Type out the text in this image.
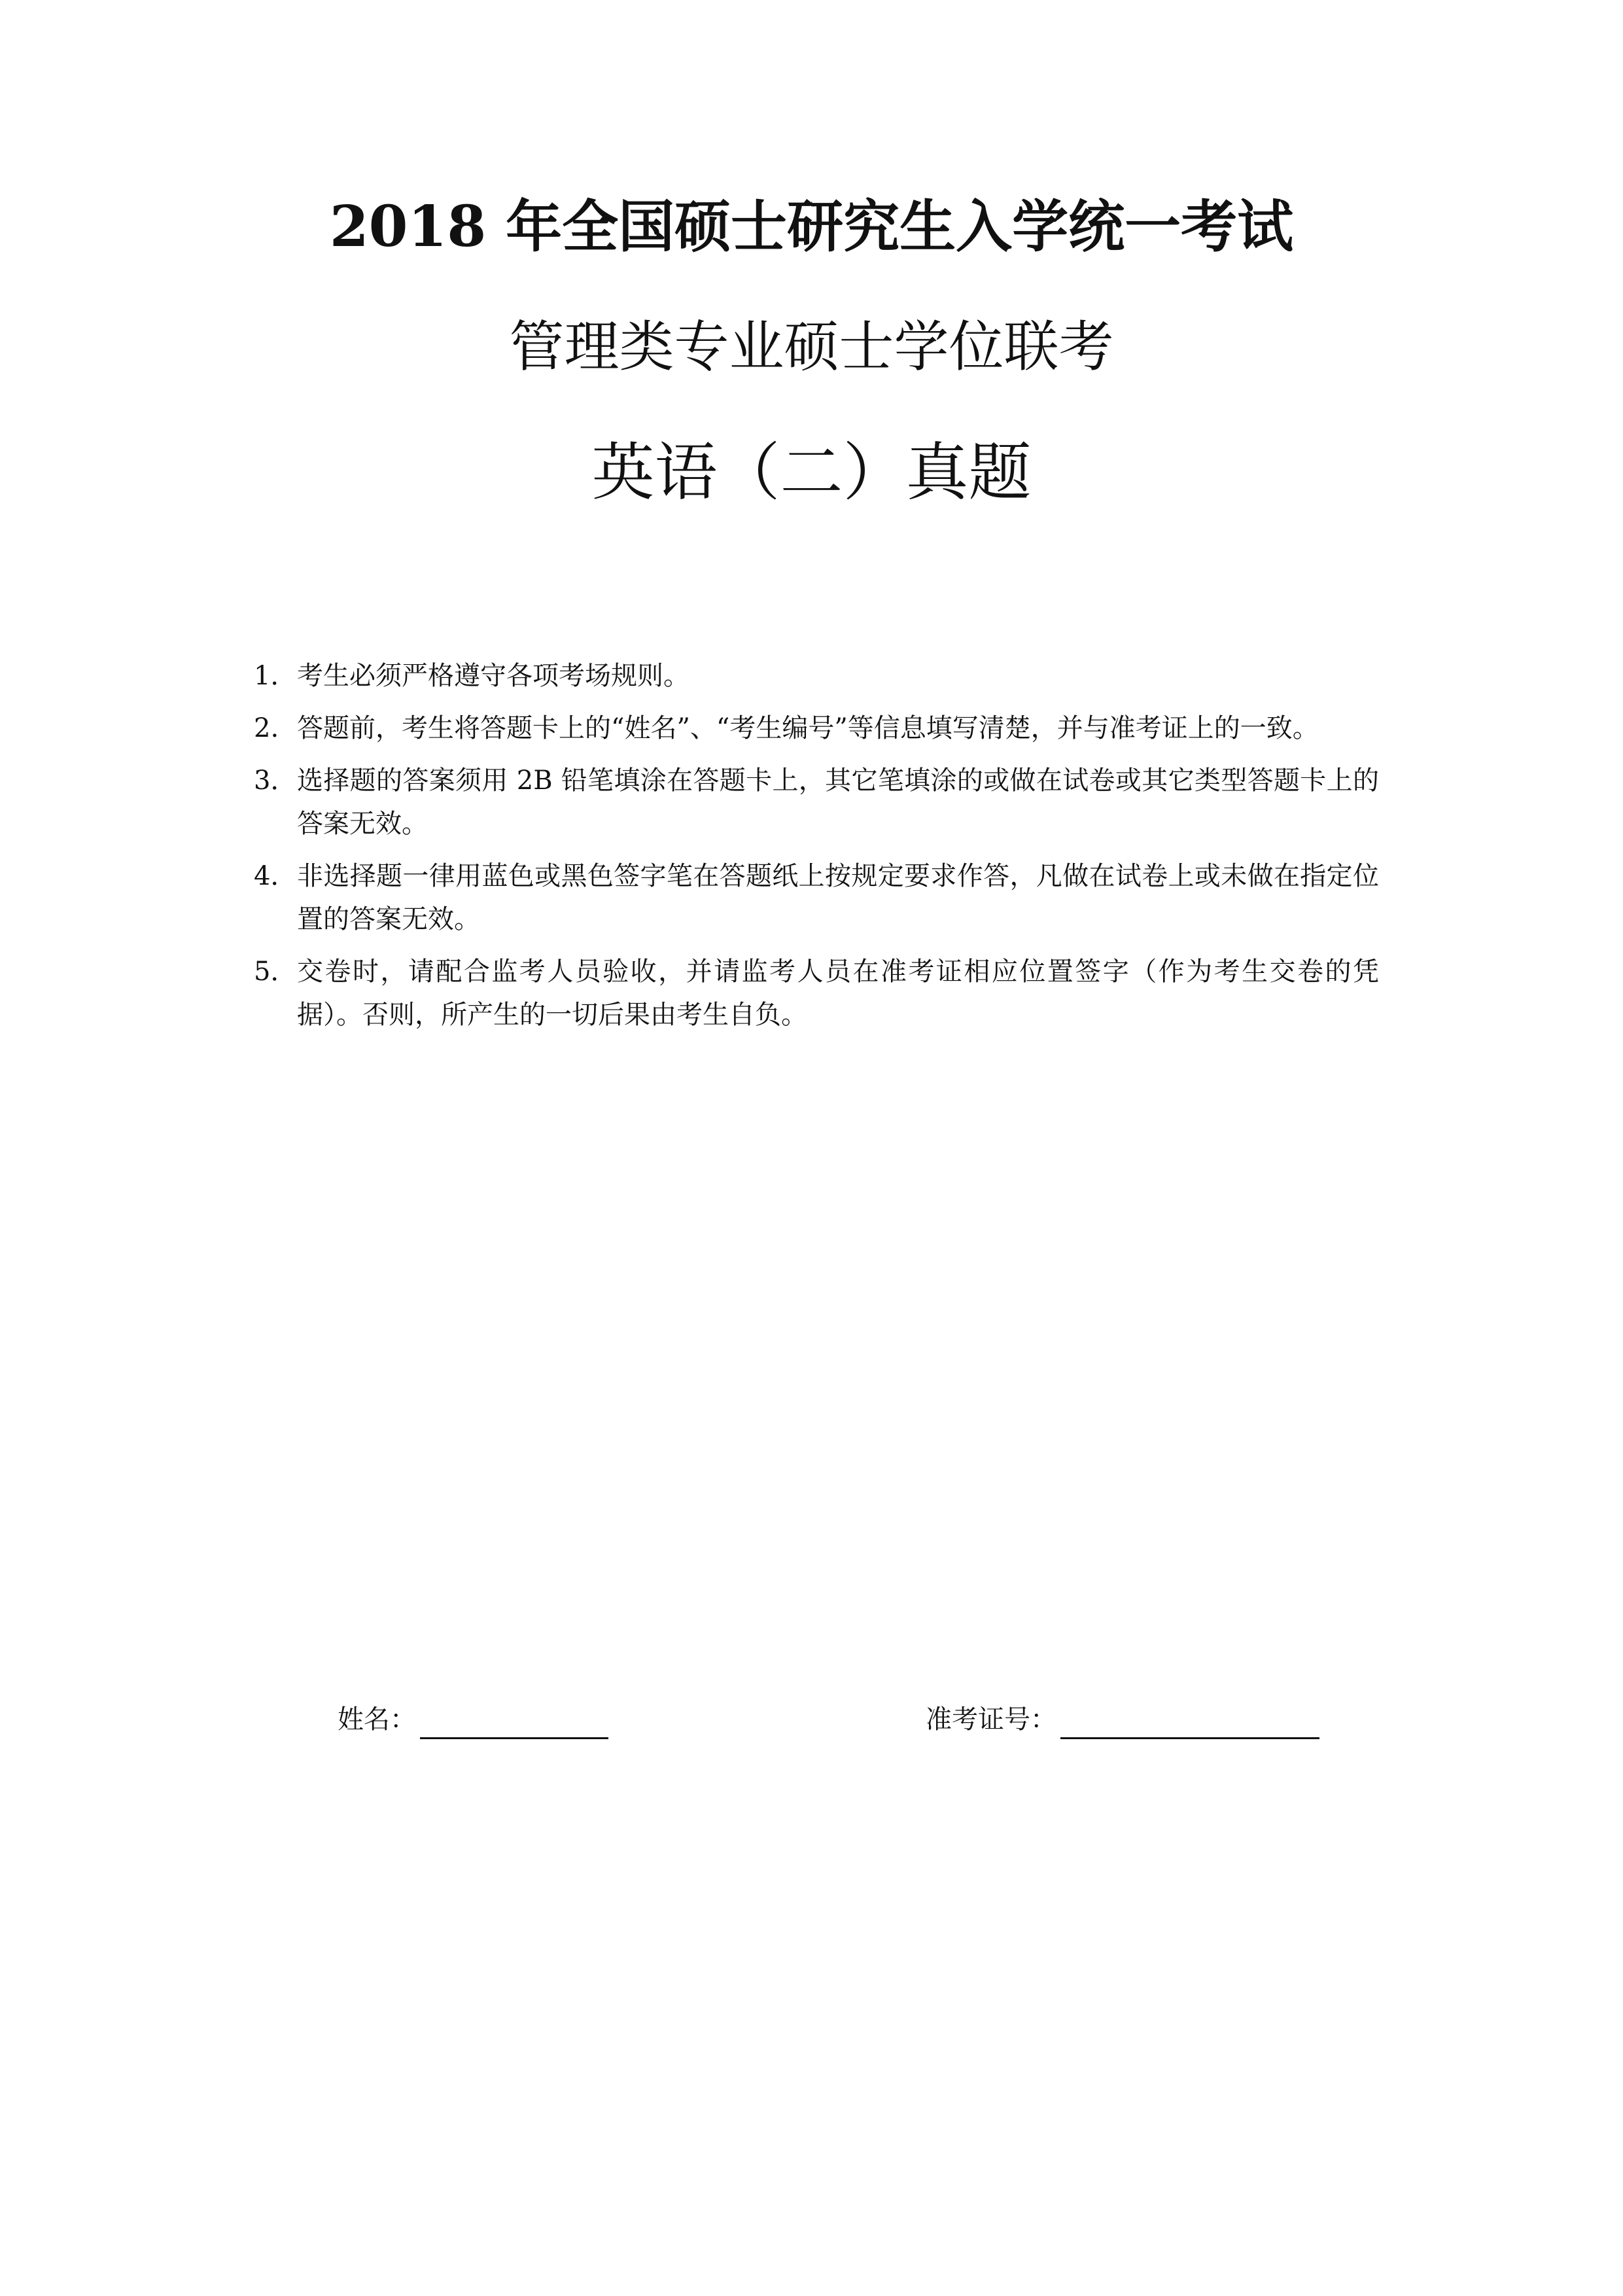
2018 年全国硕士研究生入学统一考试
管理类专业硕士学位联考
英语（二）真题
1． 考生必须严格遵守各项考场规则。
2. 答题前，考生将答题卡上的“姓名”、“考生编号”等信息填写清楚，并与准考证上的一致。
3． 选择题的答案须用 2B 铅笔填涂在答题卡上，其它笔填涂的或做在试卷或其它类型答题卡上的答案无效。
4． 非选择题一律用蓝色或黑色签字笔在答题纸上按规定要求作答，凡做在试卷上或未做在指定位置的答案无效。
5． 交卷时，请配合监考人员验收，并请监考人员在准考证相应位置签字（作为考生交卷的凭据）。否则，所产生的一切后果由考生自负。
姓名：	准考证号：
